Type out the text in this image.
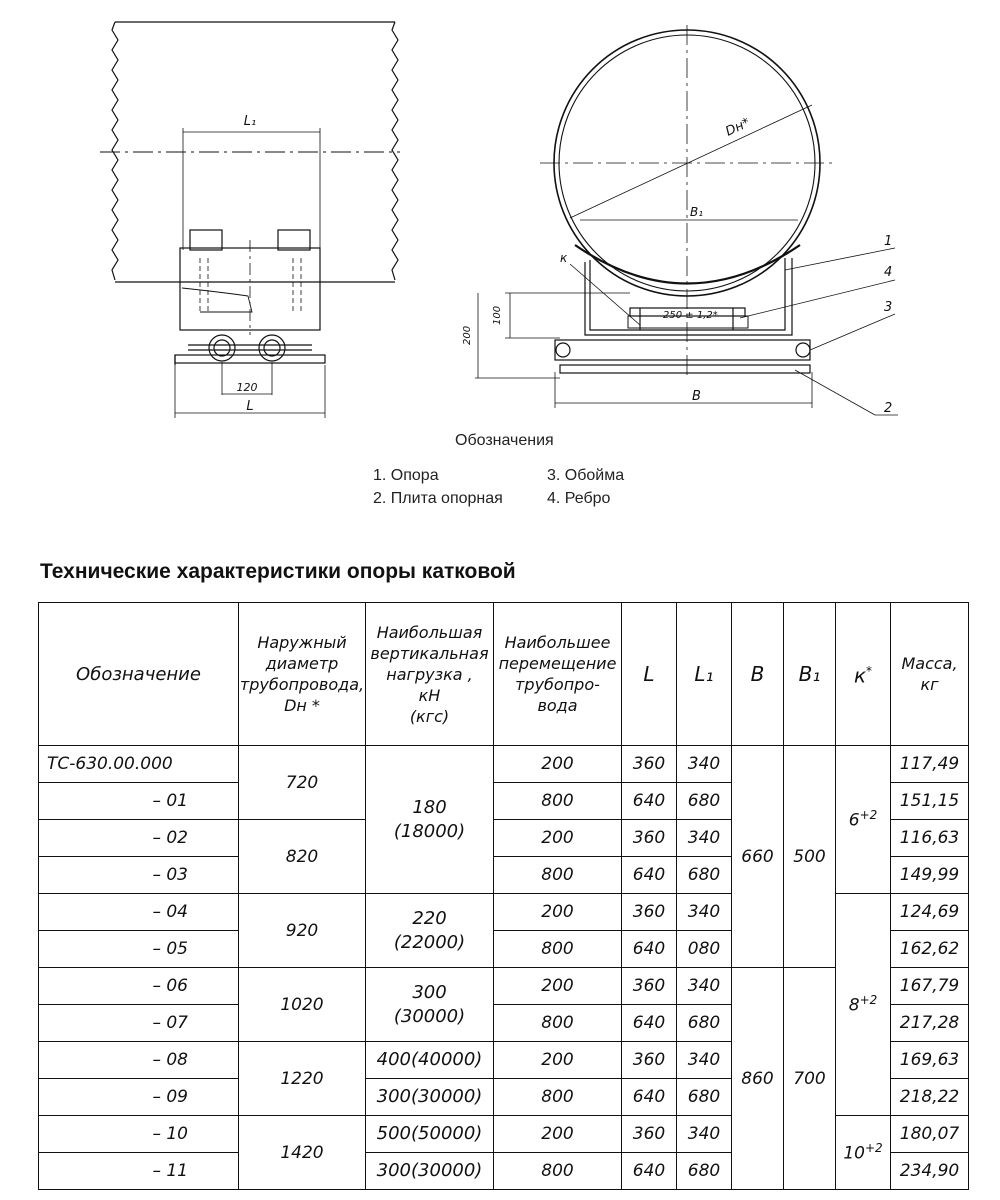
L₁
120
L
Dн*
B₁
к
250 ± 1,2*
100
200
B
1
4
3
2
Обозначения
1. Опора
2. Плита опорная
3. Обойма
4. Ребро
Технические характеристики опоры катковой
Обозначение	Наружный
диаметр
трубопровода,
Dн *	Наибольшая
вертикальная
нагрузка ,
кН
(кгс)	Наибольшее
перемещение
трубопро-
вода	L	L₁	B	B₁	к*	Масса,
кг
ТС-630.00.000	720	180
(18000)	200	360	340	660	500	$6^{+2}$	117,49
– 01			800	640	680				151,15
– 02	820		200	360	340				116,63
– 03			800	640	680				149,99
– 04	920	220
(22000)	200	360	340			$8^{+2}$	124,69
– 05			800	640	080				162,62
– 06	1020	300
(30000)	200	360	340	860	700		167,79
– 07			800	640	680				217,28
– 08	1220	400(40000)	200	360	340				169,63
– 09		300(30000)	800	640	680				218,22
– 10	1420	500(50000)	200	360	340			$10^{+2}$	180,07
– 11		300(30000)	800	640	680				234,90
